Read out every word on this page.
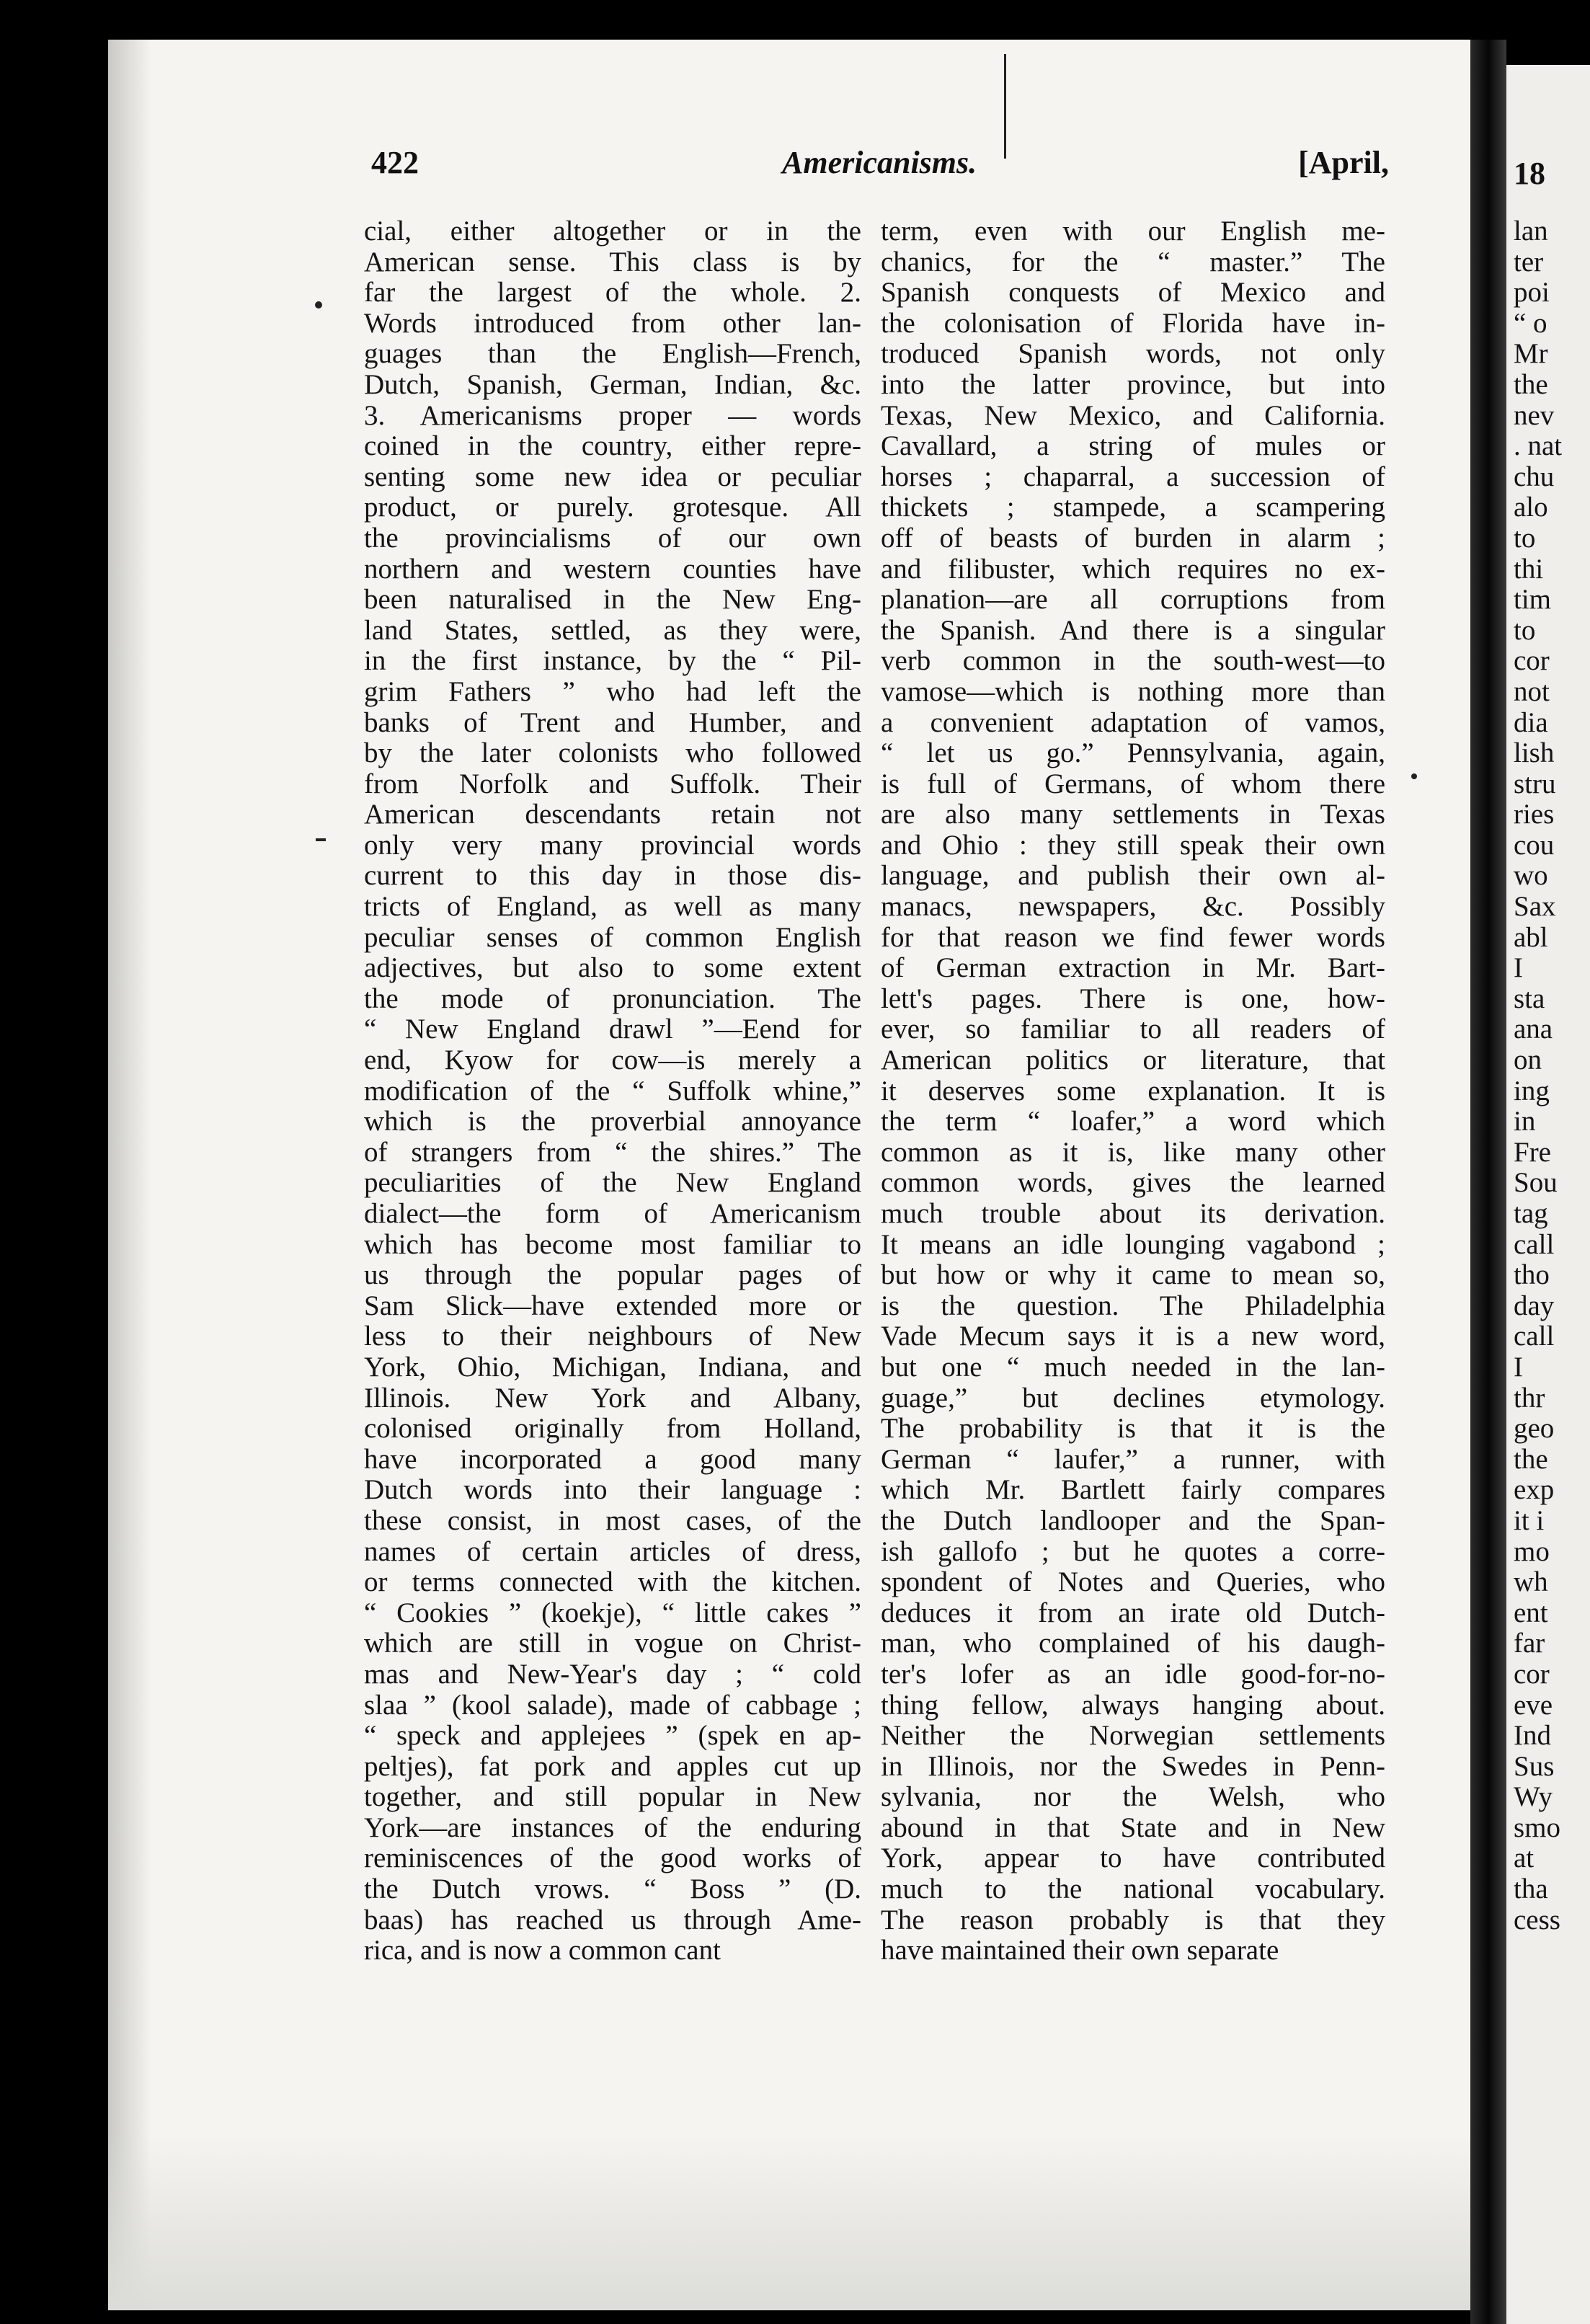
422	Americanisms.	[April,
cial, either altogether or in the
American sense. This class is by
far the largest of the whole. 2.
Words introduced from other lan-
guages than the English—French,
Dutch, Spanish, German, Indian, &c.
3. Americanisms proper — words
coined in the country, either repre-
senting some new idea or peculiar
product, or purely. grotesque. All
the provincialisms of our own
northern and western counties have
been naturalised in the New Eng-
land States, settled, as they were,
in the first instance, by the “ Pil-
grim Fathers ” who had left the
banks of Trent and Humber, and
by the later colonists who followed
from Norfolk and Suffolk. Their
American descendants retain not
only very many provincial words
current to this day in those dis-
tricts of England, as well as many
peculiar senses of common English
adjectives, but also to some extent
the mode of pronunciation. The
“ New England drawl ”—Eend for
end, Kyow for cow—is merely a
modification of the “ Suffolk whine,”
which is the proverbial annoyance
of strangers from “ the shires.” The
peculiarities of the New England
dialect—the form of Americanism
which has become most familiar to
us through the popular pages of
Sam Slick—have extended more or
less to their neighbours of New
York, Ohio, Michigan, Indiana, and
Illinois. New York and Albany,
colonised originally from Holland,
have incorporated a good many
Dutch words into their language :
these consist, in most cases, of the
names of certain articles of dress,
or terms connected with the kitchen.
“ Cookies ” (koekje), “ little cakes ”
which are still in vogue on Christ-
mas and New-Year's day ; “ cold
slaa ” (kool salade), made of cabbage ;
“ speck and applejees ” (spek en ap-
peltjes), fat pork and apples cut up
together, and still popular in New
York—are instances of the enduring
reminiscences of the good works of
the Dutch vrows. “ Boss ” (D.
baas) has reached us through Ame-
rica, and is now a common cant
term, even with our English me-
chanics, for the “ master.” The
Spanish conquests of Mexico and
the colonisation of Florida have in-
troduced Spanish words, not only
into the latter province, but into
Texas, New Mexico, and California.
Cavallard, a string of mules or
horses ; chaparral, a succession of
thickets ; stampede, a scampering
off of beasts of burden in alarm ;
and filibuster, which requires no ex-
planation—are all corruptions from
the Spanish. And there is a singular
verb common in the south-west—to
vamose—which is nothing more than
a convenient adaptation of vamos,
“ let us go.” Pennsylvania, again,
is full of Germans, of whom there
are also many settlements in Texas
and Ohio : they still speak their own
language, and publish their own al-
manacs, newspapers, &c. Possibly
for that reason we find fewer words
of German extraction in Mr. Bart-
lett's pages. There is one, how-
ever, so familiar to all readers of
American politics or literature, that
it deserves some explanation. It is
the term “ loafer,” a word which
common as it is, like many other
common words, gives the learned
much trouble about its derivation.
It means an idle lounging vagabond ;
but how or why it came to mean so,
is the question. The Philadelphia
Vade Mecum says it is a new word,
but one “ much needed in the lan-
guage,” but declines etymology.
The probability is that it is the
German “ laufer,” a runner, with
which Mr. Bartlett fairly compares
the Dutch landlooper and the Span-
ish gallofo ; but he quotes a corre-
spondent of Notes and Queries, who
deduces it from an irate old Dutch-
man, who complained of his daugh-
ter's lofer as an idle good-for-no-
thing fellow, always hanging about.
Neither the Norwegian settlements
in Illinois, nor the Swedes in Penn-
sylvania, nor the Welsh, who
abound in that State and in New
York, appear to have contributed
much to the national vocabulary.
The reason probably is that they
have maintained their own separate
18
lan
ter
poi
“ o
Mr
the
nev
. nat
chu
alo
to
thi
tim
to
cor
not
dia
lish
stru
ries
cou
wo
Sax
abl
I
sta
ana
on
ing
in
Fre
Sou
tag
call
tho
day
call
I
thr
geo
the
exp
it i
mo
wh
ent
far
cor
eve
Ind
Sus
Wy
smo
at
tha
cess
